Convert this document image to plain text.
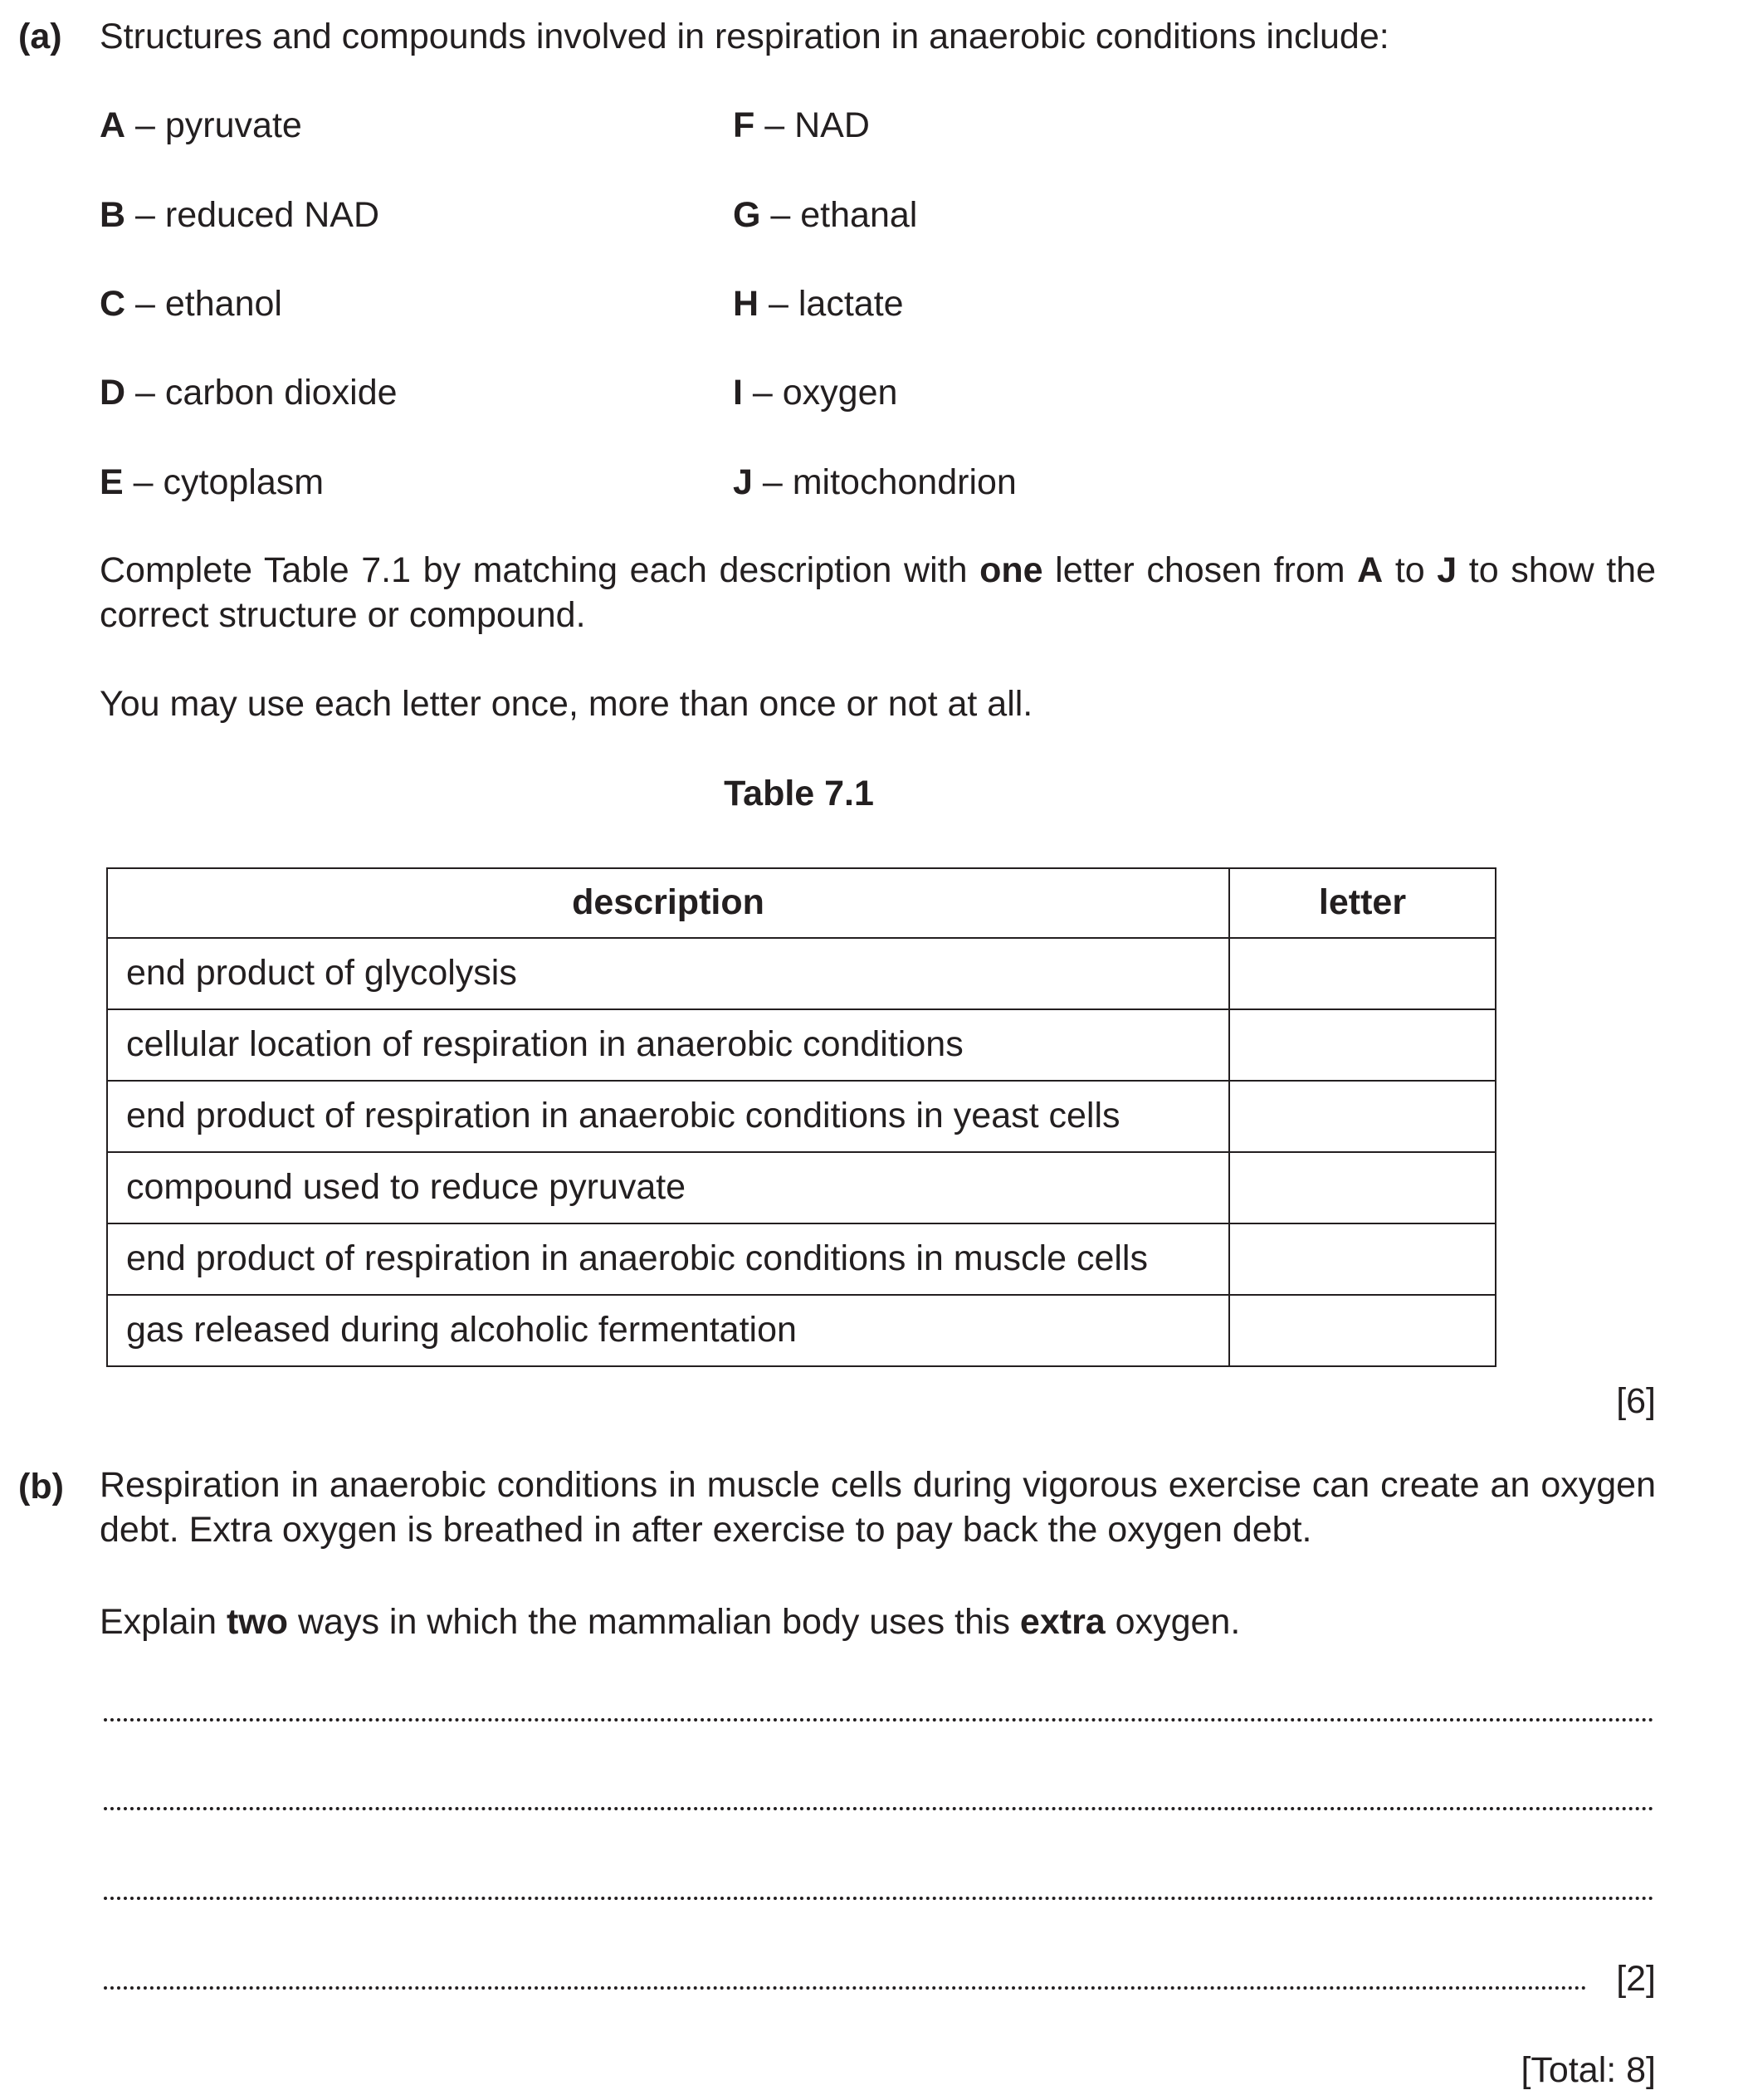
(a) Structures and compounds involved in respiration in anaerobic conditions include:
A – pyruvate
B – reduced NAD
C – ethanol
D – carbon dioxide
E – cytoplasm
F – NAD
G – ethanal
H – lactate
I – oxygen
J – mitochondrion
Complete Table 7.1 by matching each description with one letter chosen from A to J to show the correct structure or compound.
You may use each letter once, more than once or not at all.
Table 7.1
description	letter
end product of glycolysis	
cellular location of respiration in anaerobic conditions	
end product of respiration in anaerobic conditions in yeast cells	
compound used to reduce pyruvate	
end product of respiration in anaerobic conditions in muscle cells	
gas released during alcoholic fermentation	
[6]
(b) Respiration in anaerobic conditions in muscle cells during vigorous exercise can create an oxygen debt. Extra oxygen is breathed in after exercise to pay back the oxygen debt.
Explain two ways in which the mammalian body uses this extra oxygen.
[2]
[Total: 8]
